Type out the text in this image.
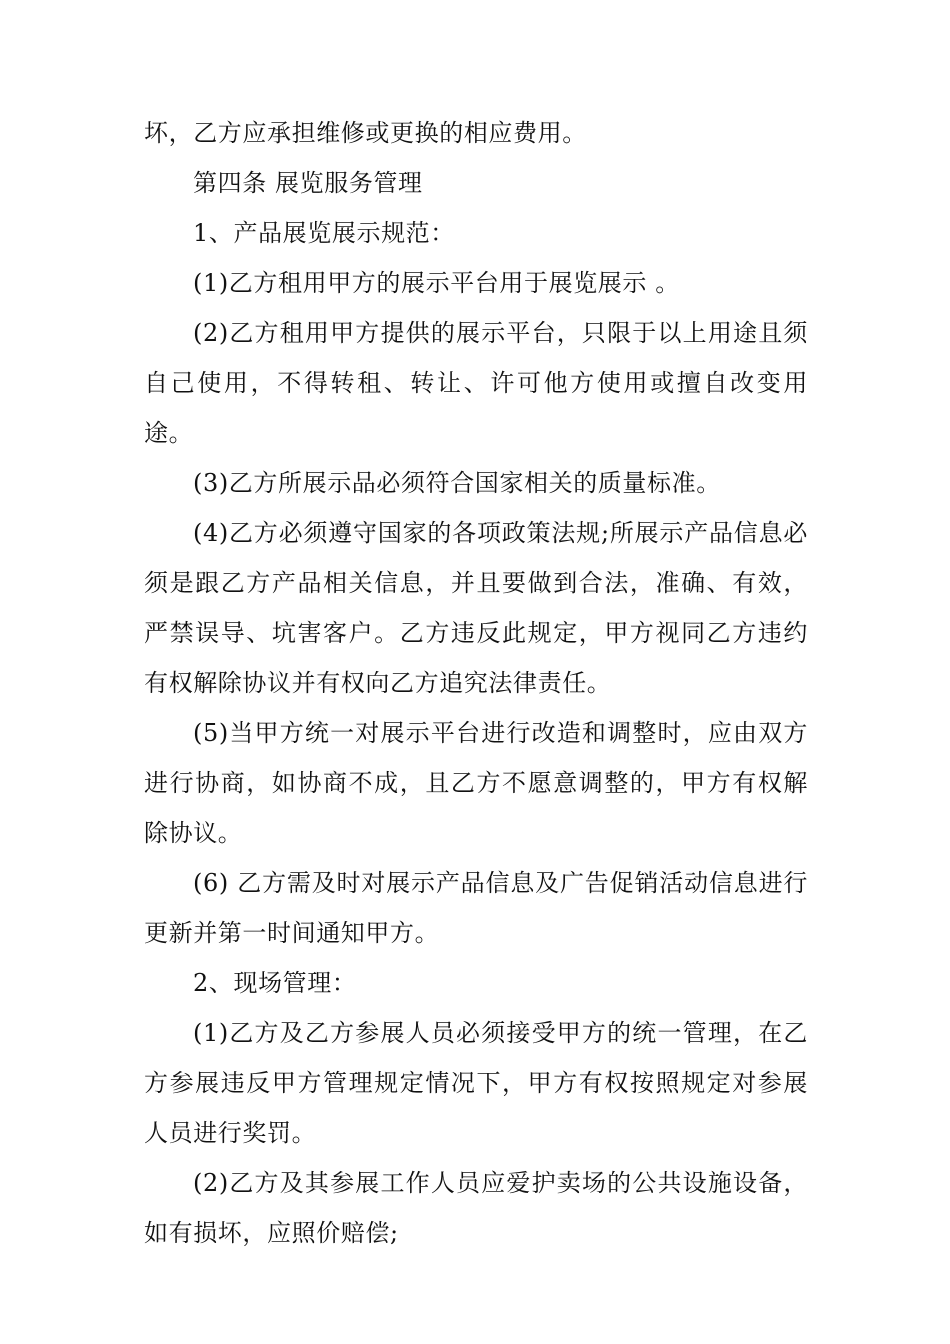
坏，乙方应承担维修或更换的相应费用。

第四条 展览服务管理

1、产品展览展示规范：

(1)乙方租用甲方的展示平台用于展览展示 。

(2)乙方租用甲方提供的展示平台，只限于以上用途且须自己使用，不得转租、转让、许可他方使用或擅自改变用途。

(3)乙方所展示品必须符合国家相关的质量标准。

(4)乙方必须遵守国家的各项政策法规;所展示产品信息必须是跟乙方产品相关信息，并且要做到合法，准确、有效，严禁误导、坑害客户。乙方违反此规定，甲方视同乙方违约有权解除协议并有权向乙方追究法律责任。

(5)当甲方统一对展示平台进行改造和调整时，应由双方进行协商，如协商不成，且乙方不愿意调整的，甲方有权解除协议。

(6) 乙方需及时对展示产品信息及广告促销活动信息进行更新并第一时间通知甲方。

2、现场管理：

(1)乙方及乙方参展人员必须接受甲方的统一管理，在乙方参展违反甲方管理规定情况下，甲方有权按照规定对参展人员进行奖罚。

(2)乙方及其参展工作人员应爱护卖场的公共设施设备，如有损坏，应照价赔偿;
